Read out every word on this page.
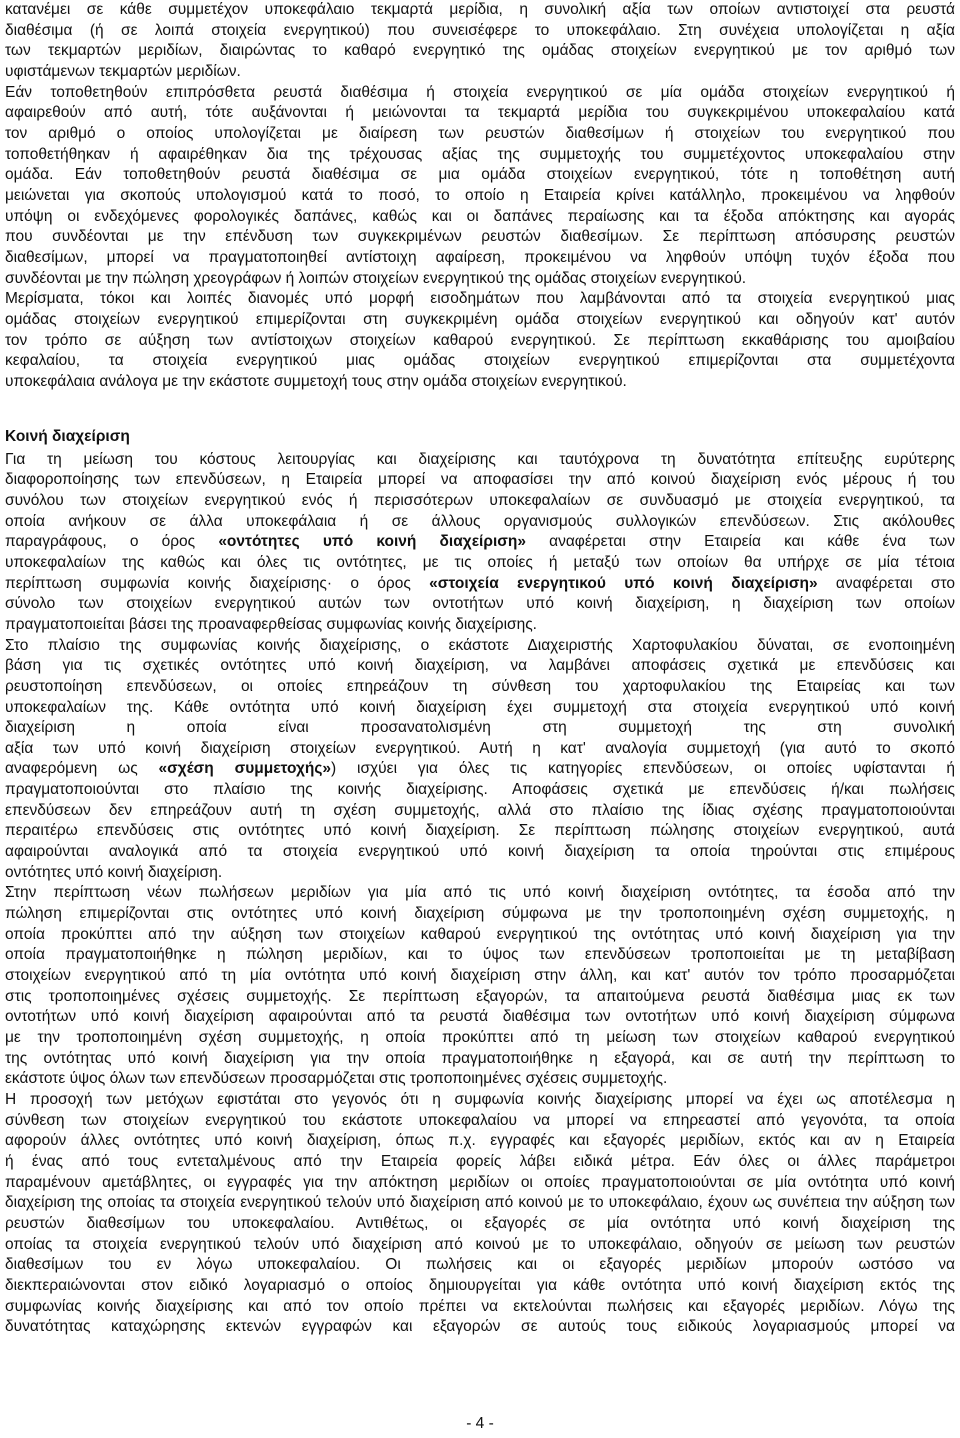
κατανέμει σε κάθε συμμετέχον υποκεφάλαιο τεκμαρτά μερίδια, η συνολική αξία των οποίων αντιστοιχεί στα ρευστά
διαθέσιμα (ή σε λοιπά στοιχεία ενεργητικού) που συνεισέφερε το υποκεφάλαιο. Στη συνέχεια υπολογίζεται η αξία
των τεκμαρτών μεριδίων, διαιρώντας το καθαρό ενεργητικό της ομάδας στοιχείων ενεργητικού με τον αριθμό των
υφιστάμενων τεκμαρτών μεριδίων.
Εάν τοποθετηθούν επιπρόσθετα ρευστά διαθέσιμα ή στοιχεία ενεργητικού σε μία ομάδα στοιχείων ενεργητικού ή
αφαιρεθούν από αυτή, τότε αυξάνονται ή μειώνονται τα τεκμαρτά μερίδια του συγκεκριμένου υποκεφαλαίου κατά
τον αριθμό ο οποίος υπολογίζεται με διαίρεση των ρευστών διαθεσίμων ή στοιχείων του ενεργητικού που
τοποθετήθηκαν ή αφαιρέθηκαν δια της τρέχουσας αξίας της συμμετοχής του συμμετέχοντος υποκεφαλαίου στην
ομάδα. Εάν τοποθετηθούν ρευστά διαθέσιμα σε μια ομάδα στοιχείων ενεργητικού, τότε η τοποθέτηση αυτή
μειώνεται για σκοπούς υπολογισμού κατά το ποσό, το οποίο η Εταιρεία κρίνει κατάλληλο, προκειμένου να ληφθούν
υπόψη οι ενδεχόμενες φορολογικές δαπάνες, καθώς και οι δαπάνες περαίωσης και τα έξοδα απόκτησης και αγοράς
που συνδέονται με την επένδυση των συγκεκριμένων ρευστών διαθεσίμων. Σε περίπτωση απόσυρσης ρευστών
διαθεσίμων, μπορεί να πραγματοποιηθεί αντίστοιχη αφαίρεση, προκειμένου να ληφθούν υπόψη τυχόν έξοδα που
συνδέονται με την πώληση χρεογράφων ή λοιπών στοιχείων ενεργητικού της ομάδας στοιχείων ενεργητικού.
Μερίσματα, τόκοι και λοιπές διανομές υπό μορφή εισοδημάτων που λαμβάνονται από τα στοιχεία ενεργητικού μιας
ομάδας στοιχείων ενεργητικού επιμερίζονται στη συγκεκριμένη ομάδα στοιχείων ενεργητικού και οδηγούν κατ' αυτόν
τον τρόπο σε αύξηση των αντίστοιχων στοιχείων καθαρού ενεργητικού. Σε περίπτωση εκκαθάρισης του αμοιβαίου
κεφαλαίου, τα στοιχεία ενεργητικού μιας ομάδας στοιχείων ενεργητικού επιμερίζονται στα συμμετέχοντα
υποκεφάλαια ανάλογα με την εκάστοτε συμμετοχή τους στην ομάδα στοιχείων ενεργητικού.
Κοινή διαχείριση
Για τη μείωση του κόστους λειτουργίας και διαχείρισης και ταυτόχρονα τη δυνατότητα επίτευξης ευρύτερης
διαφοροποίησης των επενδύσεων, η Εταιρεία μπορεί να αποφασίσει την από κοινού διαχείριση ενός μέρους ή του
συνόλου των στοιχείων ενεργητικού ενός ή περισσότερων υποκεφαλαίων σε συνδυασμό με στοιχεία ενεργητικού, τα
οποία ανήκουν σε άλλα υποκεφάλαια ή σε άλλους οργανισμούς συλλογικών επενδύσεων. Στις ακόλουθες
παραγράφους, ο όρος «οντότητες υπό κοινή διαχείριση» αναφέρεται στην Εταιρεία και κάθε ένα των
υποκεφαλαίων της καθώς και όλες τις οντότητες, με τις οποίες ή μεταξύ των οποίων θα υπήρχε σε μία τέτοια
περίπτωση συμφωνία κοινής διαχείρισης· ο όρος «στοιχεία ενεργητικού υπό κοινή διαχείριση» αναφέρεται στο
σύνολο των στοιχείων ενεργητικού αυτών των οντοτήτων υπό κοινή διαχείριση, η διαχείριση των οποίων
πραγματοποιείται βάσει της προαναφερθείσας συμφωνίας κοινής διαχείρισης.
Στο πλαίσιο της συμφωνίας κοινής διαχείρισης, ο εκάστοτε Διαχειριστής Χαρτοφυλακίου δύναται, σε ενοποιημένη
βάση για τις σχετικές οντότητες υπό κοινή διαχείριση, να λαμβάνει αποφάσεις σχετικά με επενδύσεις και
ρευστοποίηση επενδύσεων, οι οποίες επηρεάζουν τη σύνθεση του χαρτοφυλακίου της Εταιρείας και των
υποκεφαλαίων της. Κάθε οντότητα υπό κοινή διαχείριση έχει συμμετοχή στα στοιχεία ενεργητικού υπό κοινή
διαχείριση η οποία είναι προσανατολισμένη στη συμμετοχή της στη συνολική
αξία των υπό κοινή διαχείριση στοιχείων ενεργητικού. Αυτή η κατ' αναλογία συμμετοχή (για αυτό το σκοπό
αναφερόμενη ως «σχέση συμμετοχής») ισχύει για όλες τις κατηγορίες επενδύσεων, οι οποίες υφίστανται ή
πραγματοποιούνται στο πλαίσιο της κοινής διαχείρισης. Αποφάσεις σχετικά με επενδύσεις ή/και πωλήσεις
επενδύσεων δεν επηρεάζουν αυτή τη σχέση συμμετοχής, αλλά στο πλαίσιο της ίδιας σχέσης πραγματοποιούνται
περαιτέρω επενδύσεις στις οντότητες υπό κοινή διαχείριση. Σε περίπτωση πώλησης στοιχείων ενεργητικού, αυτά
αφαιρούνται αναλογικά από τα στοιχεία ενεργητικού υπό κοινή διαχείριση τα οποία τηρούνται στις επιμέρους
οντότητες υπό κοινή διαχείριση.
Στην περίπτωση νέων πωλήσεων μεριδίων για μία από τις υπό κοινή διαχείριση οντότητες, τα έσοδα από την
πώληση επιμερίζονται στις οντότητες υπό κοινή διαχείριση σύμφωνα με την τροποποιημένη σχέση συμμετοχής, η
οποία προκύπτει από την αύξηση των στοιχείων καθαρού ενεργητικού της οντότητας υπό κοινή διαχείριση για την
οποία πραγματοποιήθηκε η πώληση μεριδίων, και το ύψος των επενδύσεων τροποποιείται με τη μεταβίβαση
στοιχείων ενεργητικού από τη μία οντότητα υπό κοινή διαχείριση στην άλλη, και κατ' αυτόν τον τρόπο προσαρμόζεται
στις τροποποιημένες σχέσεις συμμετοχής. Σε περίπτωση εξαγορών, τα απαιτούμενα ρευστά διαθέσιμα μιας εκ των
οντοτήτων υπό κοινή διαχείριση αφαιρούνται από τα ρευστά διαθέσιμα των οντοτήτων υπό κοινή διαχείριση σύμφωνα
με την τροποποιημένη σχέση συμμετοχής, η οποία προκύπτει από τη μείωση των στοιχείων καθαρού ενεργητικού
της οντότητας υπό κοινή διαχείριση για την οποία πραγματοποιήθηκε η εξαγορά, και σε αυτή την περίπτωση το
εκάστοτε ύψος όλων των επενδύσεων προσαρμόζεται στις τροποποιημένες σχέσεις συμμετοχής.
Η προσοχή των μετόχων εφιστάται στο γεγονός ότι η συμφωνία κοινής διαχείρισης μπορεί να έχει ως αποτέλεσμα η
σύνθεση των στοιχείων ενεργητικού του εκάστοτε υποκεφαλαίου να μπορεί να επηρεαστεί από γεγονότα, τα οποία
αφορούν άλλες οντότητες υπό κοινή διαχείριση, όπως π.χ. εγγραφές και εξαγορές μεριδίων, εκτός και αν η Εταιρεία
ή ένας από τους εντεταλμένους από την Εταιρεία φορείς λάβει ειδικά μέτρα. Εάν όλες οι άλλες παράμετροι
παραμένουν αμετάβλητες, οι εγγραφές για την απόκτηση μεριδίων οι οποίες πραγματοποιούνται σε μία οντότητα υπό κοινή
διαχείριση της οποίας τα στοιχεία ενεργητικού τελούν υπό διαχείριση από κοινού με το υποκεφάλαιο, έχουν ως συνέπεια την αύξηση των
ρευστών διαθεσίμων του υποκεφαλαίου. Αντιθέτως, οι εξαγορές σε μία οντότητα υπό κοινή διαχείριση της
οποίας τα στοιχεία ενεργητικού τελούν υπό διαχείριση από κοινού με το υποκεφάλαιο, οδηγούν σε μείωση των ρευστών
διαθεσίμων του εν λόγω υποκεφαλαίου. Οι πωλήσεις και οι εξαγορές μεριδίων μπορούν ωστόσο να
διεκπεραιώνονται στον ειδικό λογαριασμό ο οποίος δημιουργείται για κάθε οντότητα υπό κοινή διαχείριση εκτός της
συμφωνίας κοινής διαχείρισης και από τον οποίο πρέπει να εκτελούνται πωλήσεις και εξαγορές μεριδίων. Λόγω της
δυνατότητας καταχώρησης εκτενών εγγραφών και εξαγορών σε αυτούς τους ειδικούς λογαριασμούς μπορεί να
- 4 -
